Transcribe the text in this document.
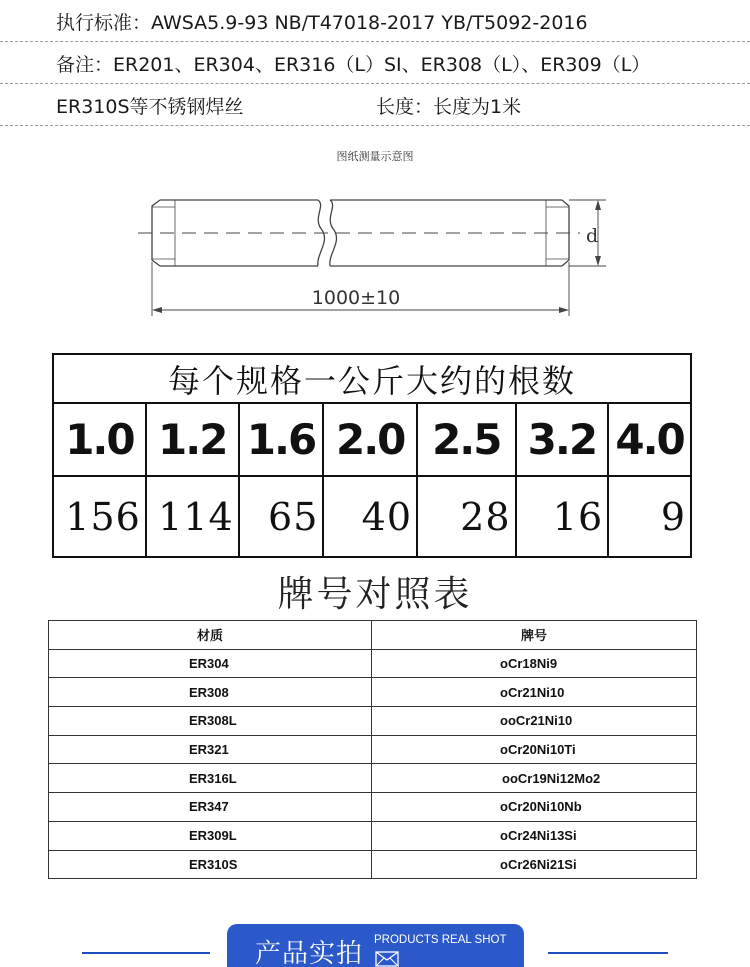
执行标准：AWSA5.9-93 NB/T47018-2017 YB/T5092-2016
备注：ER201、ER304、ER316（L）SI、ER308（L）、ER309（L）
ER310S等不锈钢焊丝	长度：长度为1米
图纸测量示意图
d
1000±10
每个规格一公斤大约的根数						
1.0	1.2	1.6	2.0	2.5	3.2	4.0
156	114	65	40	28	16	9
牌号对照表
材质	牌号
ER304	oCr18Ni9
ER308	oCr21Ni10
ER308L	ooCr21Ni10
ER321	oCr20Ni10Ti
ER316L	ooCr19Ni12Mo2
ER347	oCr20Ni10Nb
ER309L	oCr24Ni13Si
ER310S	oCr26Ni21Si
产品实拍 PRODUCTS REAL SHOT
